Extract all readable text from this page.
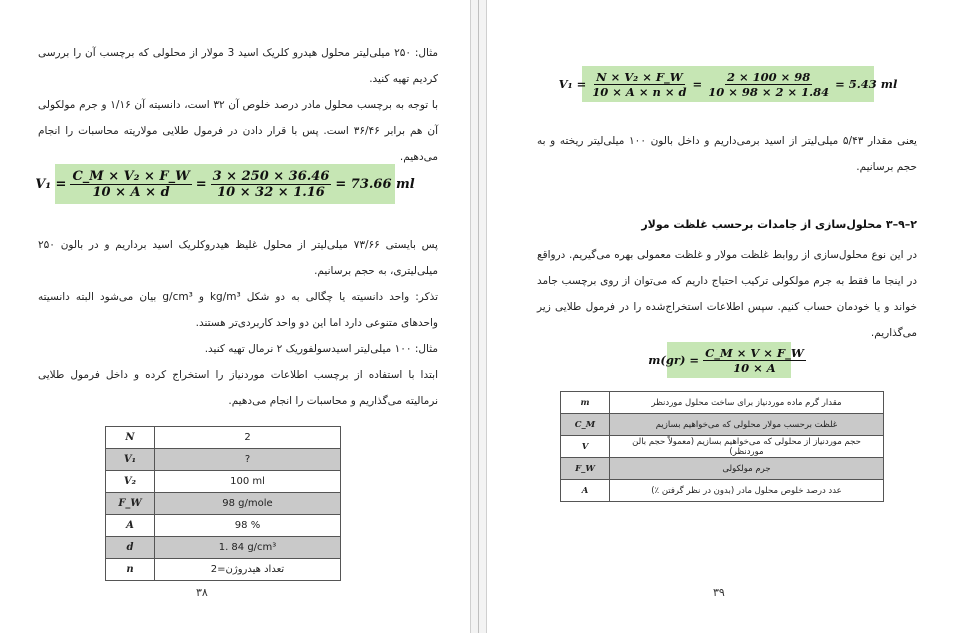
مثال: ۲۵۰ میلی‌لیتر محلول هیدرو کلریک اسید 3 مولار از محلولی که برچسب آن را بررسی کردیم تهیه کنید.
با توجه به برچسب محلول مادر درصد خلوص آن ۳۲ است، دانسیته آن ۱/۱۶ و جرم مولکولی آن هم برابر ۳۶/۴۶ است. پس با قرار دادن در فرمول طلایی مولاریته محاسبات را انجام می‌دهیم.
$V_1 = \frac{\text{C\_M × V₂ × F\_W}}{10 \times A \times d} = \frac{3 \times 250 \times 36.46}{10 \times 32 \times 1.16} = 73.66$ ml
پس بایستی ۷۳/۶۶ میلی‌لیتر از محلول غلیظ هیدروکلریک اسید برداریم و در بالون ۲۵۰ میلی‌لیتری، به حجم برسانیم.
تذکر: واحد دانسیته یا چگالی به دو شکل kg/m³ و g/cm³ بیان می‌شود البته دانسیته واحدهای متنوعی دارد اما این دو واحد کاربردی‌تر هستند.
مثال: ۱۰۰ میلی‌لیتر اسیدسولفوریک ۲ نرمال تهیه کنید.
ابتدا با استفاده از برچسب اطلاعات موردنیاز را استخراج کرده و داخل فرمول طلایی نرمالیته می‌گذاریم و محاسبات را انجام می‌دهیم.
N	2
V₁	?
V₂	100 ml
F_W	98 g/mole
A	98 %
d	1. 84 g/cm³
n	تعداد هیدروژن=2
۳۸
$V_1 = \frac{\text{N × V₂ × F\_W}}{10 \times A \times n \times d} = \frac{2 \times 100 \times 98}{10 \times 98 \times 2 \times 1.84} = 5.43$ ml
یعنی مقدار ۵/۴۳ میلی‌لیتر از اسید برمی‌داریم و داخل بالون ۱۰۰ میلی‌لیتر ریخته و به حجم برسانیم.
۲–۹–۳ محلول‌سازی از جامدات برحسب غلظت مولار
در این نوع محلول‌سازی از روابط غلظت مولار و غلظت معمولی بهره می‌گیریم. درواقع در اینجا ما فقط به جرم مولکولی ترکیب احتیاج داریم که می‌توان از روی برچسب جامد خواند و یا خودمان حساب کنیم. سپس اطلاعات استخراج‌شده را در فرمول طلایی زیر می‌گذاریم.
$m(gr) = \frac{C\_M \times V \times F\_W}{10 \times A}$
m	مقدار گرم ماده موردنیاز برای ساخت محلول موردنظر
C_M	غلظت برحسب مولار محلولی که می‌خواهیم بسازیم
V	حجم موردنیاز از محلولی که می‌خواهیم بسازیم (معمولاً حجم بالن موردنظر)
F_W	جرم مولکولی
A	عدد درصد خلوص محلول مادر (بدون در نظر گرفتن ٪)
۳۹
